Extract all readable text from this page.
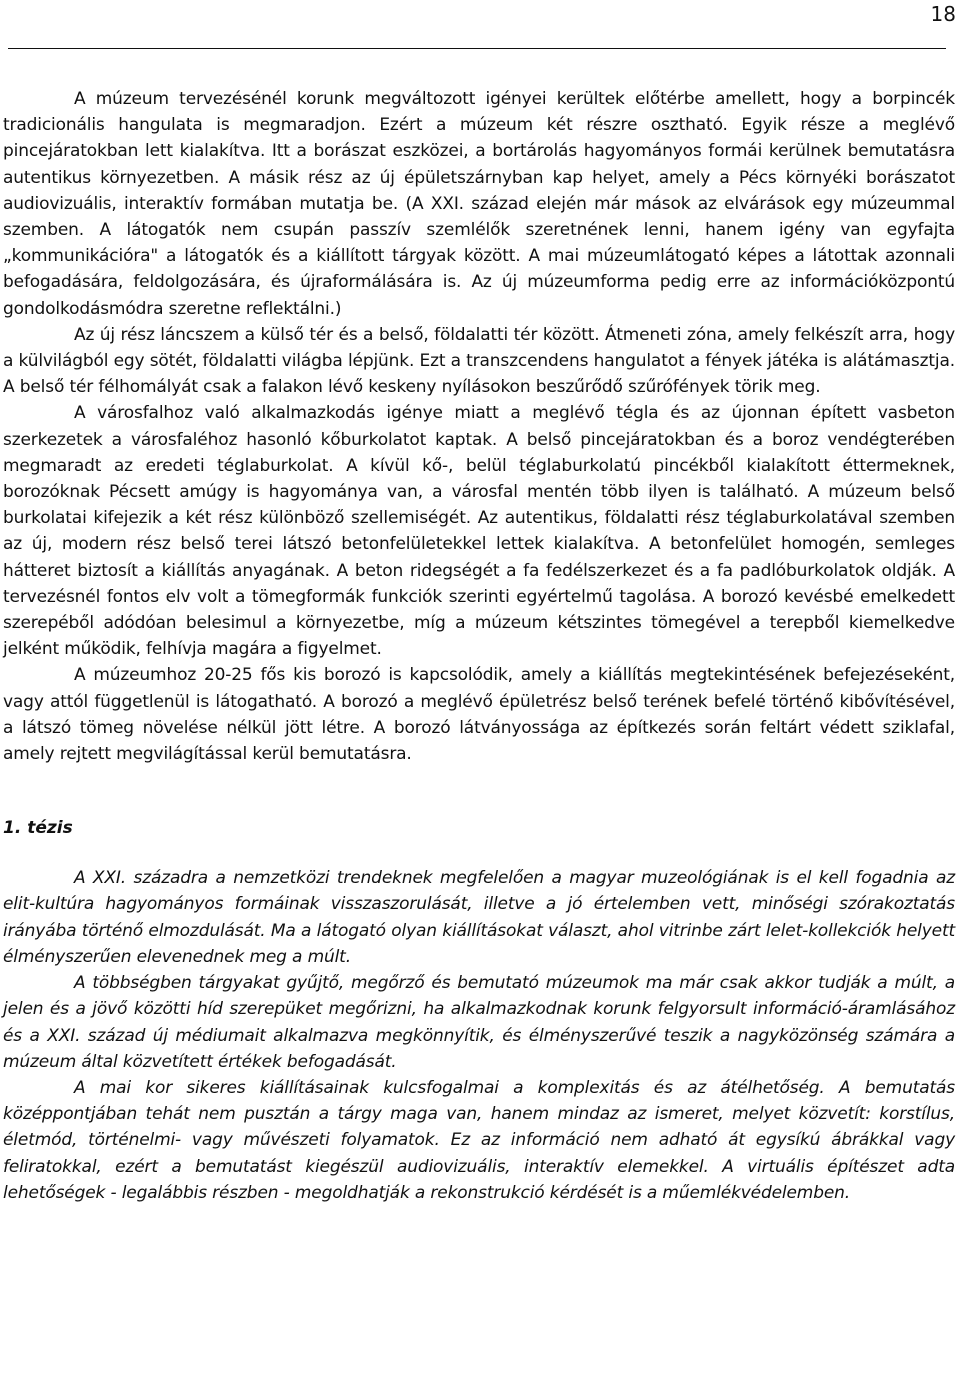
18

A múzeum tervezésénél korunk megváltozott igényei kerültek előtérbe amellett, hogy a borpincék tradicionális hangulata is megmaradjon. Ezért a múzeum két részre osztható. Egyik része a meglévő pincejáratokban lett kialakítva. Itt a borászat eszközei, a bortárolás hagyományos formái kerülnek bemutatásra autentikus környezetben. A másik rész az új épületszárnyban kap helyet, amely a Pécs környéki borászatot audiovizuális, interaktív formában mutatja be. (A XXI. század elején már mások az elvárások egy múzeummal szemben. A látogatók nem csupán passzív szemlélők szeretnének lenni, hanem igény van egyfajta „kommunikációra" a látogatók és a kiállított tárgyak között. A mai múzeumlátogató képes a látottak azonnali befogadására, feldolgozására, és újraformálására is. Az új múzeumforma pedig erre az információközpontú gondolkodásmódra szeretne reflektálni.)

Az új rész láncszem a külső tér és a belső, földalatti tér között. Átmeneti zóna, amely felkészít arra, hogy a külvilágból egy sötét, földalatti világba lépjünk. Ezt a transzcendens hangulatot a fények játéka is alátámasztja. A belső tér félhomályát csak a falakon lévő keskeny nyílásokon beszűrődő szűrófények törik meg.

A városfalhoz való alkalmazkodás igénye miatt a meglévő tégla és az újonnan épített vasbeton szerkezetek a városfaléhoz hasonló kőburkolatot kaptak. A belső pincejáratokban és a boroz vendégterében megmaradt az eredeti téglaburkolat. A kívül kő-, belül téglaburkolatú pincékből kialakított éttermeknek, borozóknak Pécsett amúgy is hagyománya van, a városfal mentén több ilyen is található. A múzeum belső burkolatai kifejezik a két rész különböző szellemiségét. Az autentikus, földalatti rész téglaburkolatával szemben az új, modern rész belső terei látszó betonfelületekkel lettek kialakítva. A betonfelület homogén, semleges hátteret biztosít a kiállítás anyagának. A beton ridegségét a fa fedélszerkezet és a fa padlóburkolatok oldják. A tervezésnél fontos elv volt a tömegformák funkciók szerinti egyértelmű tagolása. A borozó kevésbé emelkedett szerepéből adódóan belesimul a környezetbe, míg a múzeum kétszintes tömegével a terepből kiemelkedve jelként működik, felhívja magára a figyelmet.

A múzeumhoz 20-25 fős kis borozó is kapcsolódik, amely a kiállítás megtekintésének befejezéseként, vagy attól függetlenül is látogatható. A borozó a meglévő épületrész belső terének befelé történő kibővítésével, a látszó tömeg növelése nélkül jött létre. A borozó látványossága az építkezés során feltárt védett sziklafal, amely rejtett megvilágítással kerül bemutatásra.

1. tézis

A XXI. századra a nemzetközi trendeknek megfelelően a magyar muzeológiának is el kell fogadnia az elit-kultúra hagyományos formáinak visszaszorulását, illetve a jó értelemben vett, minőségi szórakoztatás irányába történő elmozdulását. Ma a látogató olyan kiállításokat választ, ahol vitrinbe zárt lelet-kollekciók helyett élményszerűen elevenednek meg a múlt.

A többségben tárgyakat gyűjtő, megőrző és bemutató múzeumok ma már csak akkor tudják a múlt, a jelen és a jövő közötti híd szerepüket megőrizni, ha alkalmazkodnak korunk felgyorsult információ-áramlásához és a XXI. század új médiumait alkalmazva megkönnyítik, és élményszerűvé teszik a nagyközönség számára a múzeum által közvetített értékek befogadását.

A mai kor sikeres kiállításainak kulcsfogalmai a komplexitás és az átélhetőség. A bemutatás középpontjában tehát nem pusztán a tárgy maga van, hanem mindaz az ismeret, melyet közvetít: korstílus, életmód, történelmi- vagy művészeti folyamatok. Ez az információ nem adható át egysíkú ábrákkal vagy feliratokkal, ezért a bemutatást kiegészül audiovizuális, interaktív elemekkel. A virtuális építészet adta lehetőségek - legalábbis részben - megoldhatják a rekonstrukció kérdését is a műemlékvédelemben.
